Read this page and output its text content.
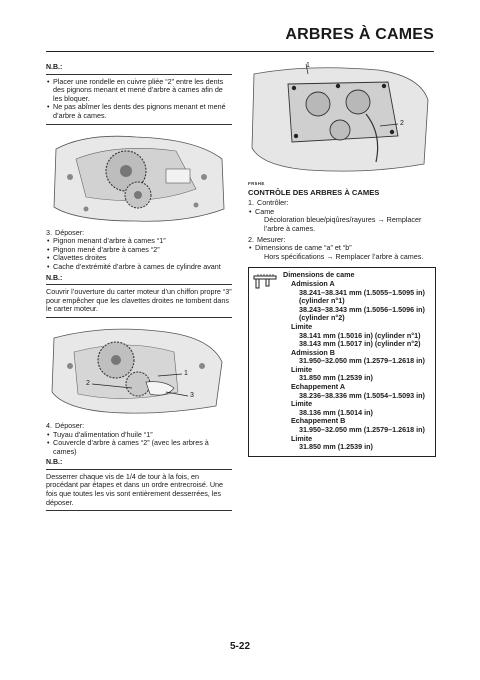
ARBRES À CAMES
N.B.:
• Placer une rondelle en cuivre pliée “2” entre les dents des pignons menant et mené d’arbre à cames afin de les bloquer.
• Ne pas abîmer les dents des pignons menant et mené d’arbre à cames.
3. Déposer:
• Pignon menant d’arbre à cames “1”
• Pignon mené d’arbre à cames “2”
• Clavettes droites
• Cache d’extrémité d’arbre à cames de cylindre avant
N.B.:

Couvrir l’ouverture du carter moteur d’un chiffon propre “3” pour empêcher que les clavettes droites ne tombent dans le carter moteur.

1
2
3
4. Déposer:
• Tuyau d’alimentation d’huile “1”
• Couvercle d’arbre à cames “2” (avec les arbres à cames)
N.B.:

Desserrer chaque vis de 1/4 de tour à la fois, en procédant par étapes et dans un ordre entrecroisé. Une fois que toutes les vis sont entièrement desserrées, les déposer.

1
2
FR5HE
CONTRÔLE DES ARBRES À CAMES
1. Contrôler:
• Came
Décoloration bleue/piqûres/rayures → Remplacer l’arbre à cames.
2. Mesurer:
• Dimensions de came “a” et “b”
Hors spécifications → Remplacer l’arbre à cames.
Dimensions de came
Admission A
38.241–38.341 mm (1.5055–1.5095 in) (cylinder n°1)
38.243–38.343 mm (1.5056–1.5096 in) (cylinder n°2)
Limite
38.141 mm (1.5016 in) (cylinder n°1)
38.143 mm (1.5017 in) (cylinder n°2)
Admission B
31.950–32.050 mm (1.2579–1.2618 in)
Limite
31.850 mm (1.2539 in)
Echappement A
38.236–38.336 mm (1.5054–1.5093 in)
Limite
38.136 mm (1.5014 in)
Echappement B
31.950–32.050 mm (1.2579–1.2618 in)
Limite
31.850 mm (1.2539 in)
5-22
